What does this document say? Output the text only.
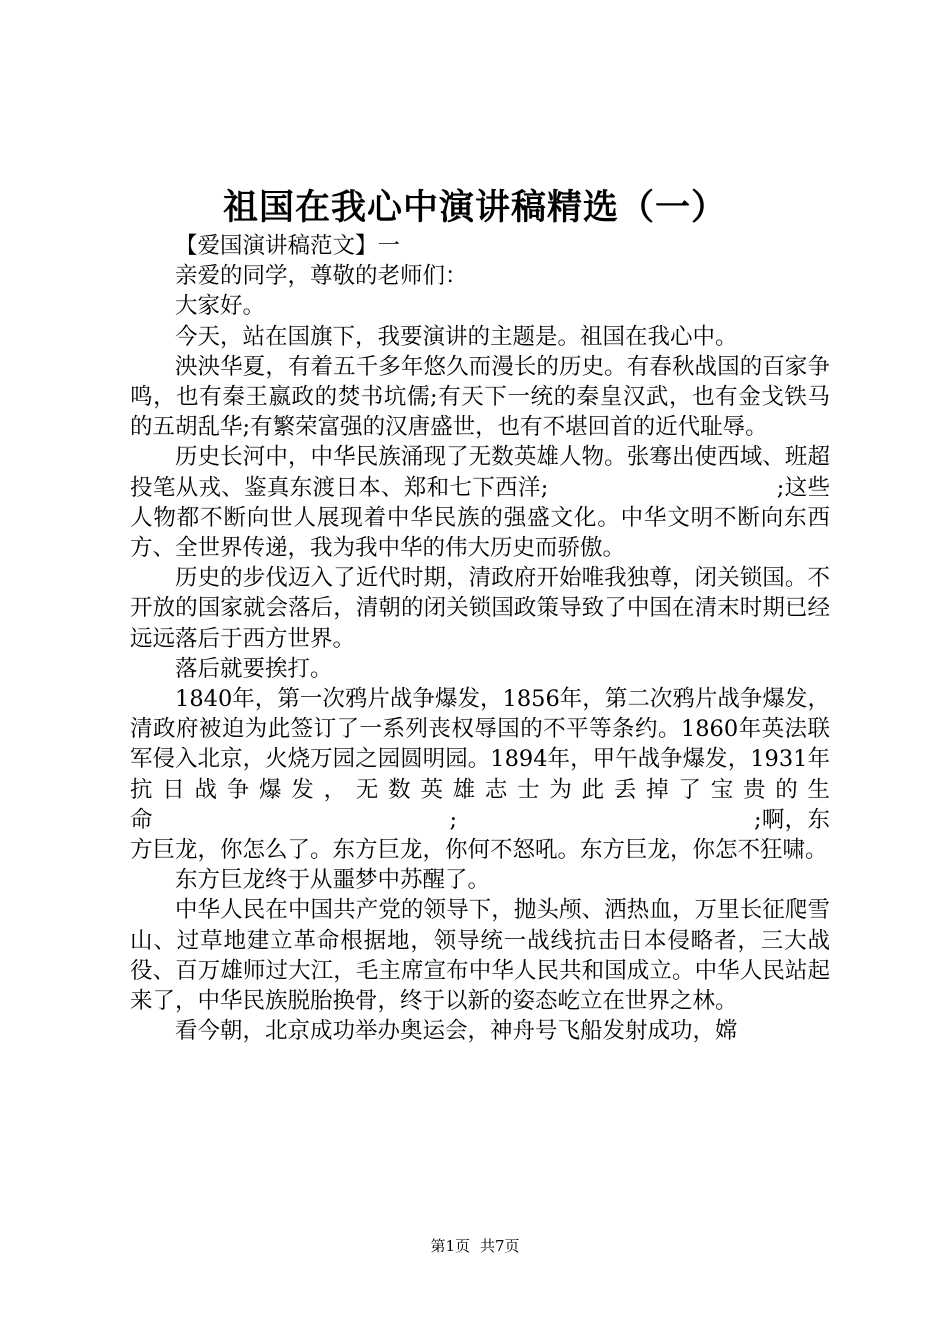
祖国在我心中演讲稿精选（一）

【爱国演讲稿范文】一

亲爱的同学，尊敬的老师们：

大家好。

今天，站在国旗下，我要演讲的主题是。祖国在我心中。

泱泱华夏，有着五千多年悠久而漫长的历史。有春秋战国的百家争鸣，也有秦王嬴政的焚书坑儒;有天下一统的秦皇汉武，也有金戈铁马的五胡乱华;有繁荣富强的汉唐盛世，也有不堪回首的近代耻辱。

历史长河中，中华民族涌现了无数英雄人物。张骞出使西域、班超投笔从戎、鉴真东渡日本、郑和七下西洋;　　　　　　　　　　;这些人物都不断向世人展现着中华民族的强盛文化。中华文明不断向东西方、全世界传递，我为我中华的伟大历史而骄傲。

历史的步伐迈入了近代时期，清政府开始唯我独尊，闭关锁国。不开放的国家就会落后，清朝的闭关锁国政策导致了中国在清末时期已经远远落后于西方世界。

落后就要挨打。

1840年，第一次鸦片战争爆发，1856年，第二次鸦片战争爆发，清政府被迫为此签订了一系列丧权辱国的不平等条约。1860年英法联军侵入北京，火烧万园之园圆明园。1894年，甲午战争爆发，1931年抗日战争爆发，无数英雄志士为此丢掉了宝贵的生命　　　　　　　　　　　　　;　　　　　　　　　　　　　;啊，东方巨龙，你怎么了。东方巨龙，你何不怒吼。东方巨龙，你怎不狂啸。

东方巨龙终于从噩梦中苏醒了。

中华人民在中国共产党的领导下，抛头颅、洒热血，万里长征爬雪山、过草地建立革命根据地，领导统一战线抗击日本侵略者，三大战役、百万雄师过大江，毛主席宣布中华人民共和国成立。中华人民站起来了，中华民族脱胎换骨，终于以新的姿态屹立在世界之林。

看今朝，北京成功举办奥运会，神舟号飞船发射成功，嫦

第1页 共7页
